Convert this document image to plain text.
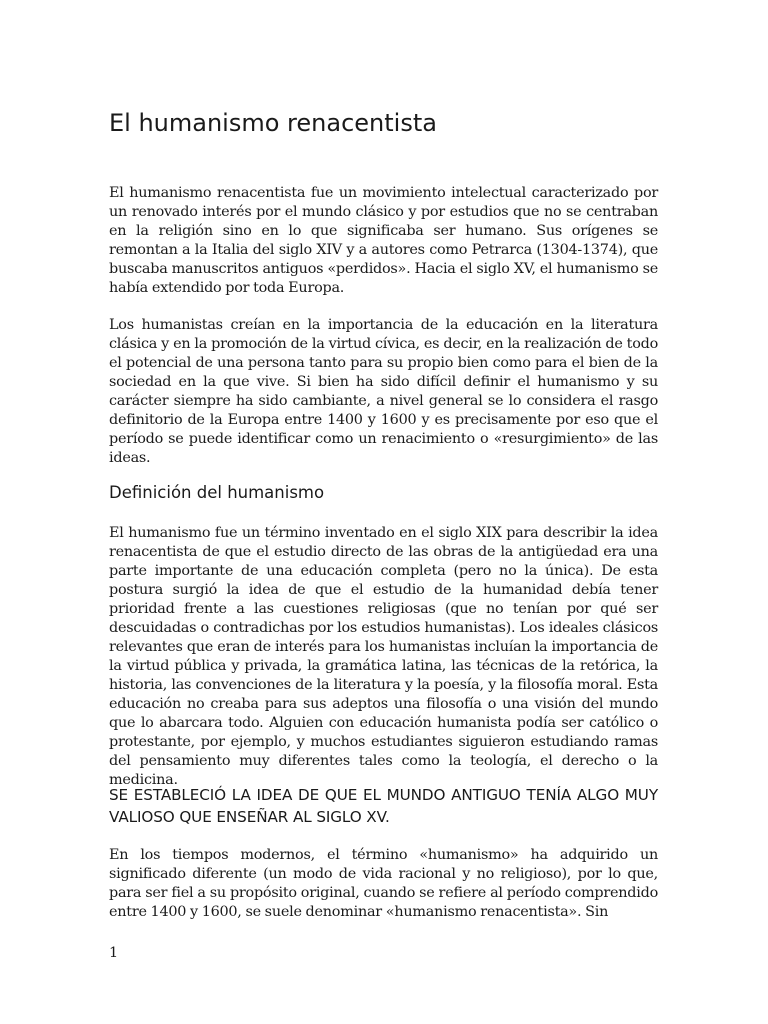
El humanismo renacentista

El humanismo renacentista fue un movimiento intelectual caracterizado por un renovado interés por el mundo clásico y por estudios que no se centraban en la religión sino en lo que significaba ser humano. Sus orígenes se remontan a la Italia del siglo XIV y a autores como Petrarca (1304-1374), que buscaba manuscritos antiguos «perdidos». Hacia el siglo XV, el humanismo se había extendido por toda Europa.

Los humanistas creían en la importancia de la educación en la literatura clásica y en la promoción de la virtud cívica, es decir, en la realización de todo el potencial de una persona tanto para su propio bien como para el bien de la sociedad en la que vive. Si bien ha sido difícil definir el humanismo y su carácter siempre ha sido cambiante, a nivel general se lo considera el rasgo definitorio de la Europa entre 1400 y 1600 y es precisamente por eso que el período se puede identificar como un renacimiento o «resurgimiento» de las ideas.

Definición del humanismo

El humanismo fue un término inventado en el siglo XIX para describir la idea renacentista de que el estudio directo de las obras de la antigüedad era una parte importante de una educación completa (pero no la única). De esta postura surgió la idea de que el estudio de la humanidad debía tener prioridad frente a las cuestiones religiosas (que no tenían por qué ser descuidadas o contradichas por los estudios humanistas). Los ideales clásicos relevantes que eran de interés para los humanistas incluían la importancia de la virtud pública y privada, la gramática latina, las técnicas de la retórica, la historia, las convenciones de la literatura y la poesía, y la filosofía moral. Esta educación no creaba para sus adeptos una filosofía o una visión del mundo que lo abarcara todo. Alguien con educación humanista podía ser católico o protestante, por ejemplo, y muchos estudiantes siguieron estudiando ramas del pensamiento muy diferentes tales como la teología, el derecho o la medicina.

SE ESTABLECIÓ LA IDEA DE QUE EL MUNDO ANTIGUO TENÍA ALGO MUY VALIOSO QUE ENSEÑAR AL SIGLO XV.

En los tiempos modernos, el término «humanismo» ha adquirido un significado diferente (un modo de vida racional y no religioso), por lo que, para ser fiel a su propósito original, cuando se refiere al período comprendido entre 1400 y 1600, se suele denominar «humanismo renacentista». Sin

1
